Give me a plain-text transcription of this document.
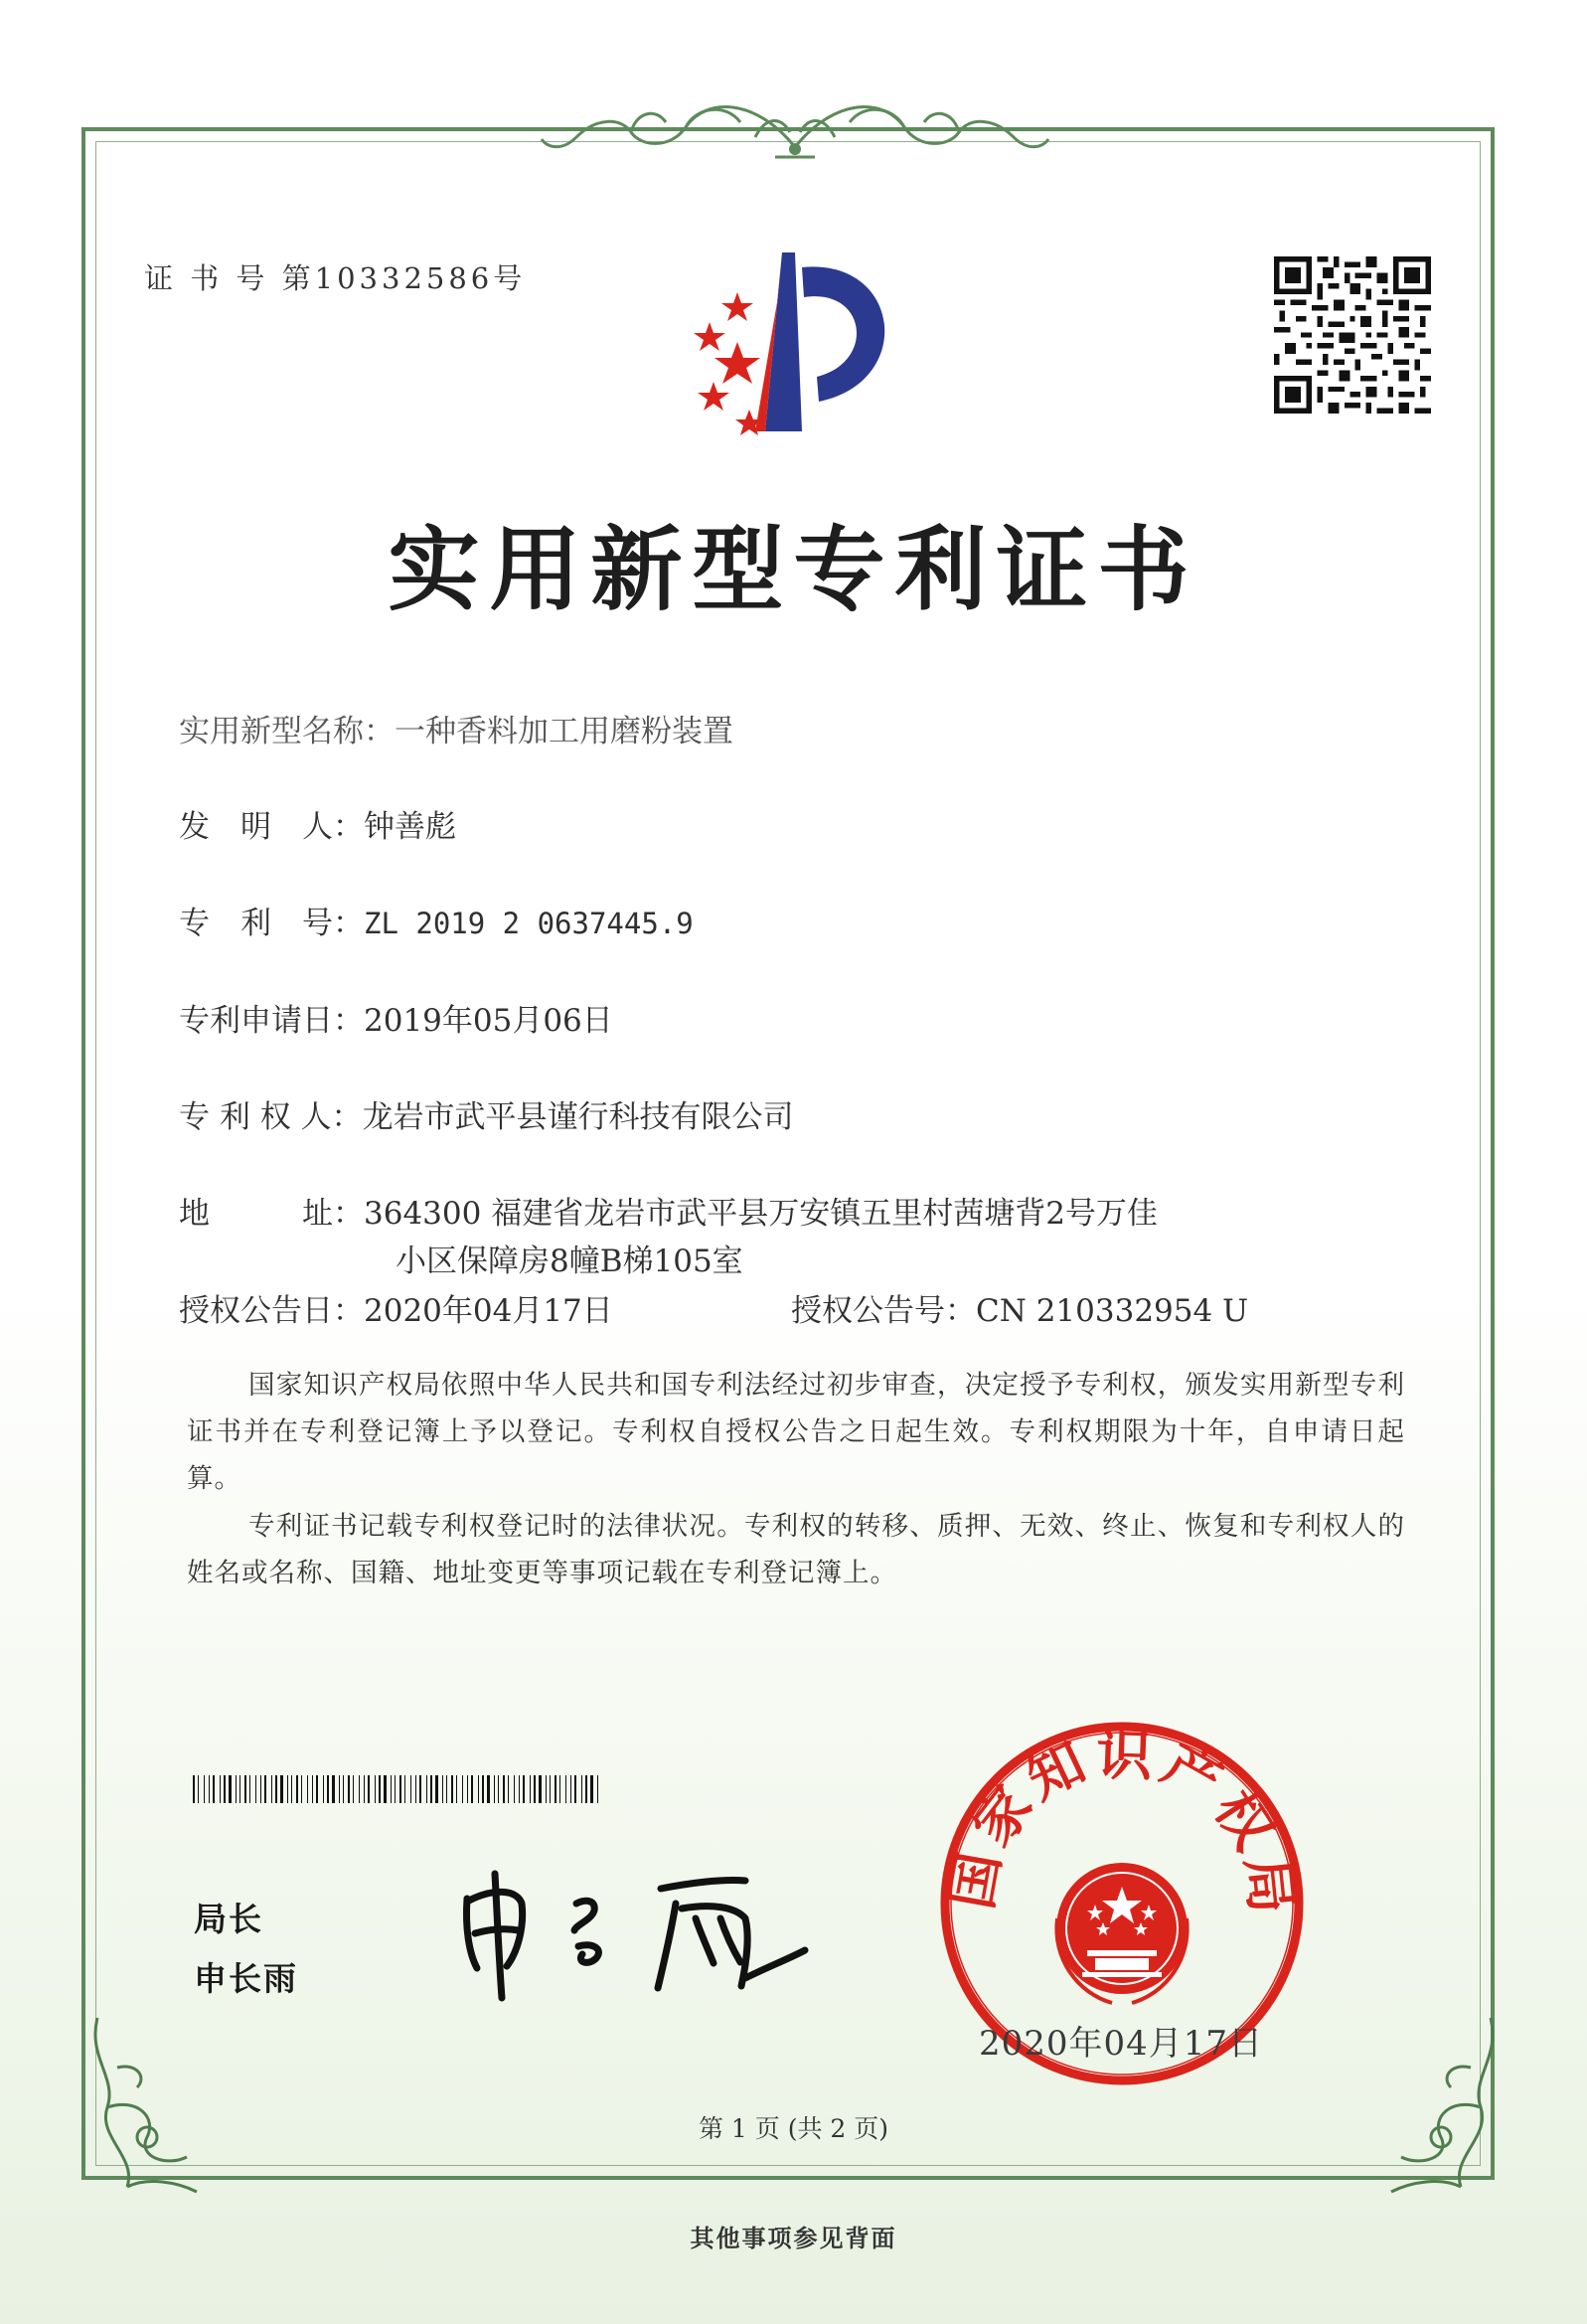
证 书 号 第10332586号
实用新型专利证书
实用新型名称：一种香料加工用磨粉装置
发　明　人：钟善彪
专　利　号：ZL 2019 2 0637445.9
专利申请日：2019年05月06日
专 利 权 人：龙岩市武平县谨行科技有限公司
地　　　址：364300 福建省龙岩市武平县万安镇五里村茜塘背2号万佳
小区保障房8幢B梯105室
授权公告日：2020年04月17日	授权公告号：CN 210332954 U
国家知识产权局依照中华人民共和国专利法经过初步审查，决定授予专利权，颁发实用新型专利证书并在专利登记簿上予以登记。专利权自授权公告之日起生效。专利权期限为十年，自申请日起算。
专利证书记载专利权登记时的法律状况。专利权的转移、质押、无效、终止、恢复和专利权人的姓名或名称、国籍、地址变更等事项记载在专利登记簿上。
局长
申长雨
国家知识产权局
2020年04月17日
第 1 页 (共 2 页)
其他事项参见背面
